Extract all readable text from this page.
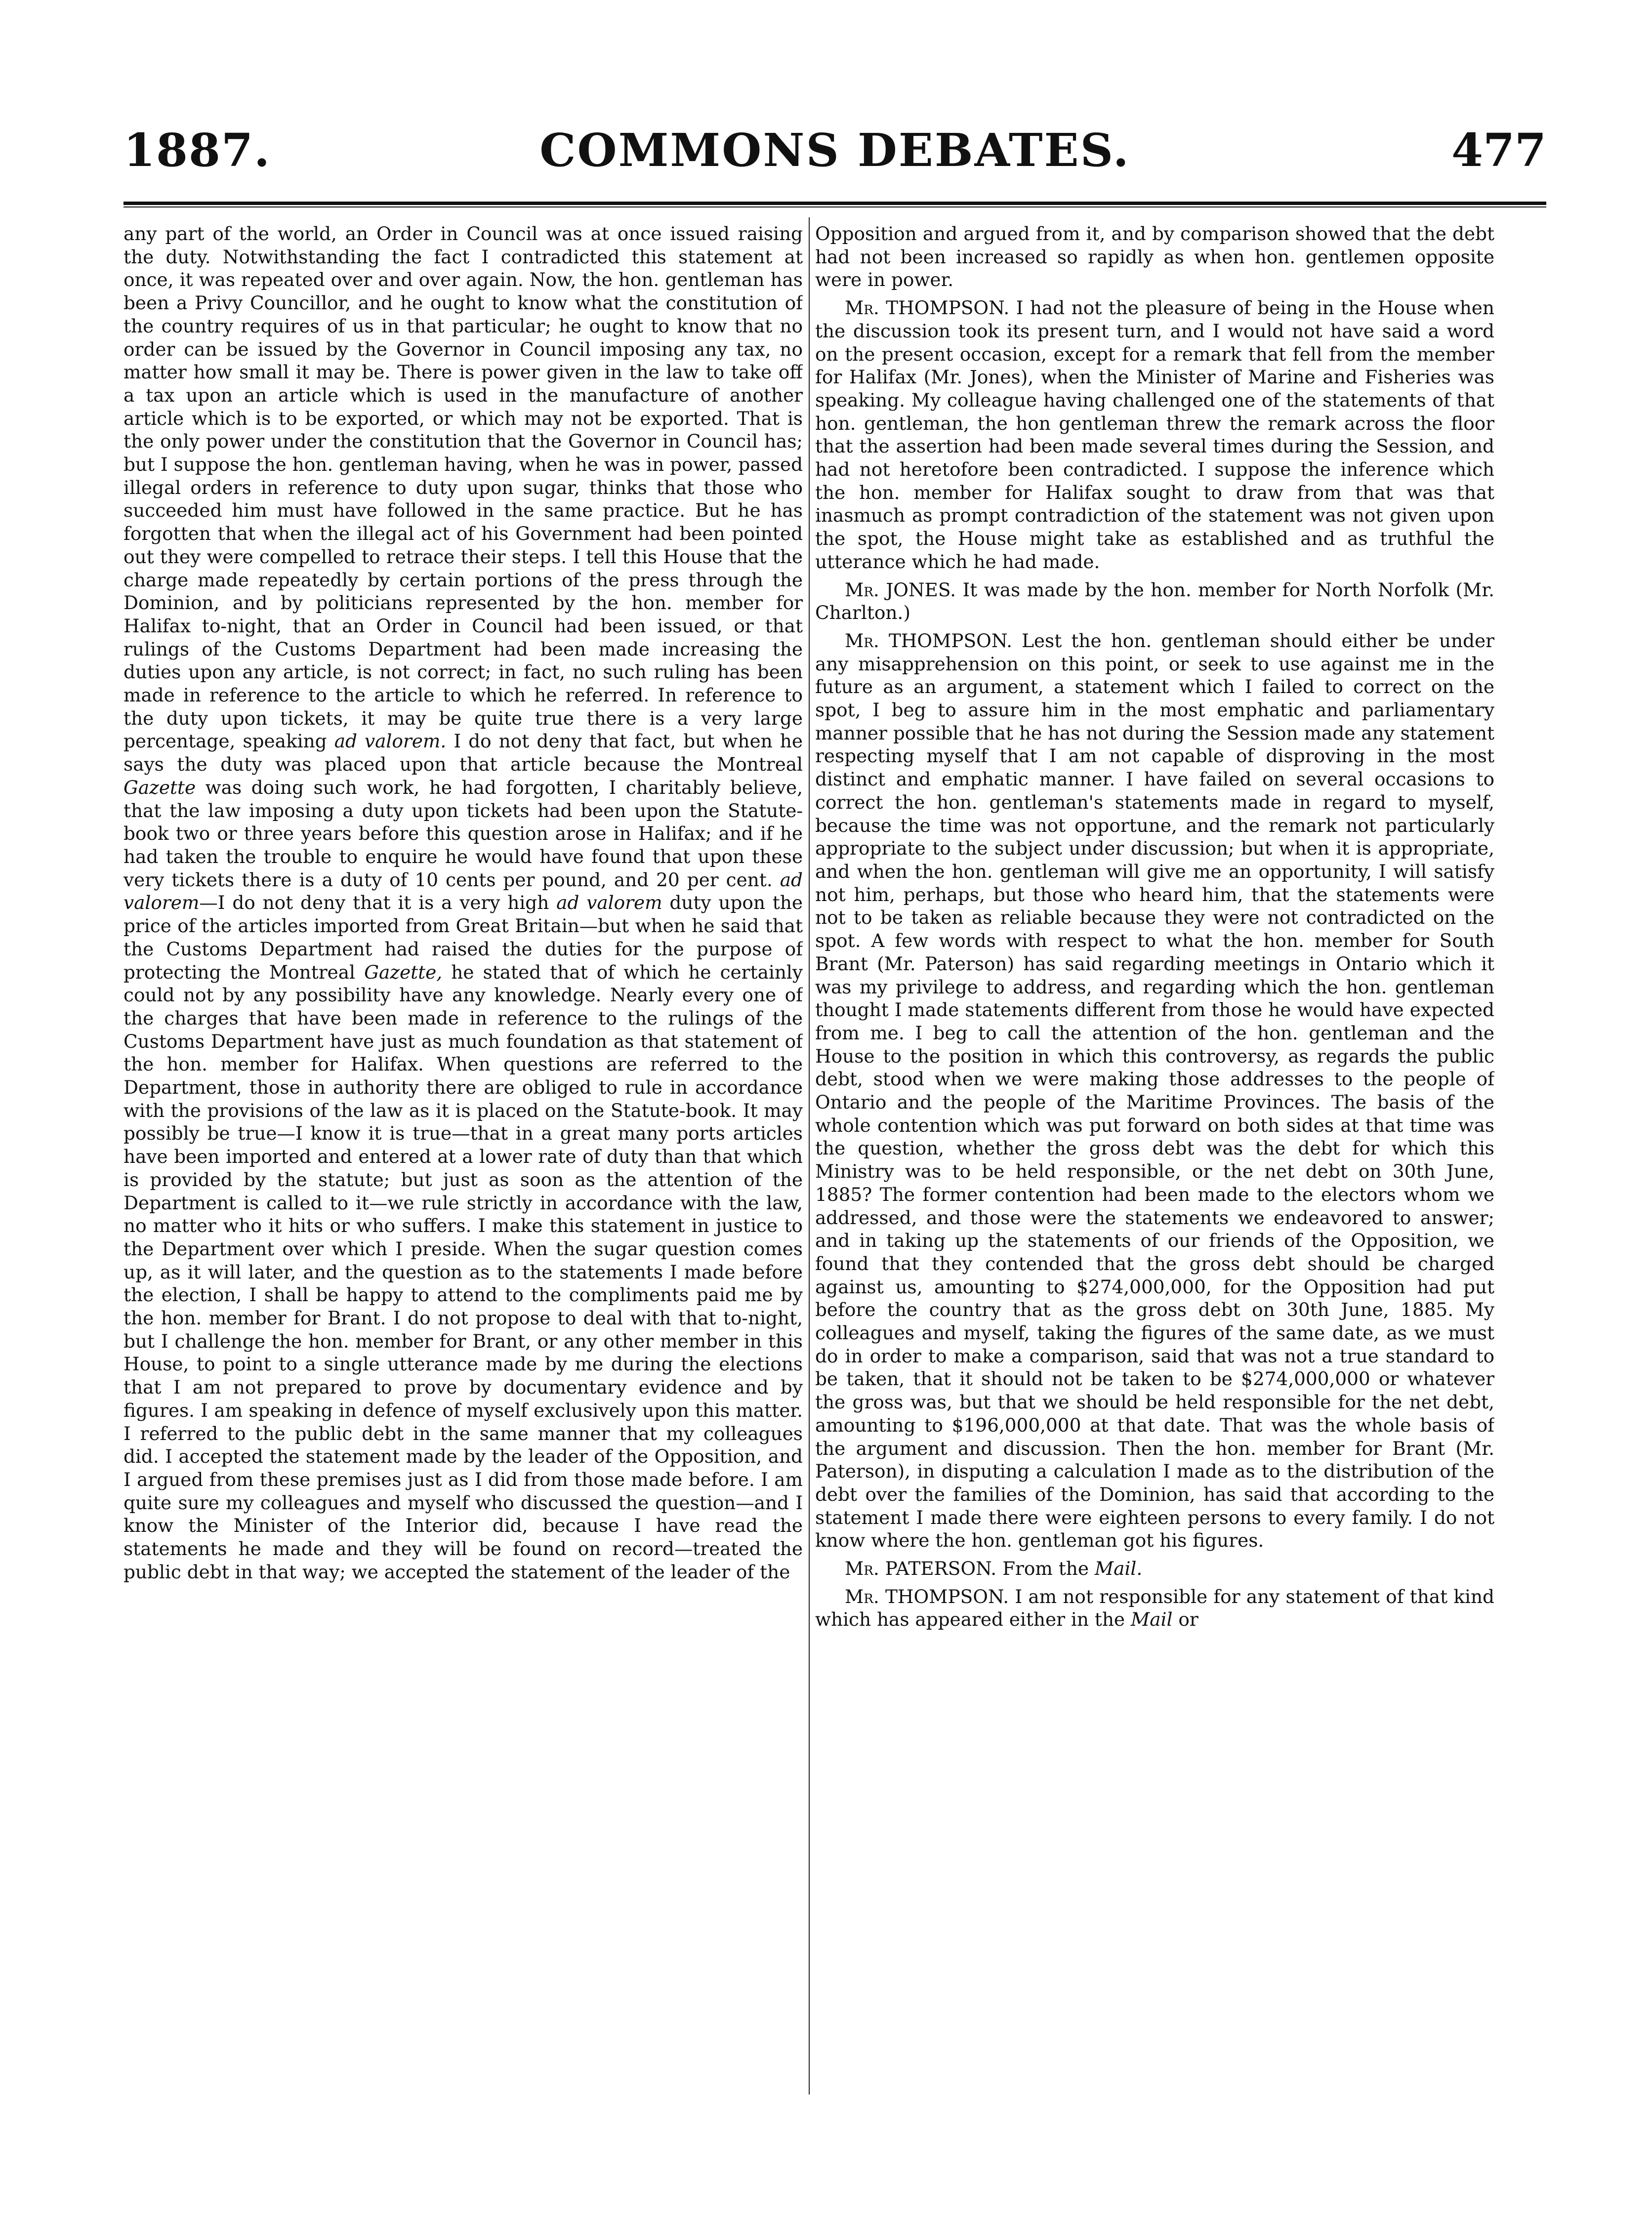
1887.	COMMONS DEBATES.	477

any part of the world, an Order in Council was at once issued raising the duty. Notwithstanding the fact I contradicted this statement at once, it was repeated over and over again. Now, the hon. gentleman has been a Privy Councillor, and he ought to know what the constitution of the country requires of us in that particular; he ought to know that no order can be issued by the Governor in Council imposing any tax, no matter how small it may be. There is power given in the law to take off a tax upon an article which is used in the manufacture of another article which is to be exported, or which may not be exported. That is the only power under the constitution that the Governor in Council has; but I suppose the hon. gentleman having, when he was in power, passed illegal orders in reference to duty upon sugar, thinks that those who succeeded him must have followed in the same practice. But he has forgotten that when the illegal act of his Government had been pointed out they were compelled to retrace their steps. I tell this House that the charge made repeatedly by certain portions of the press through the Dominion, and by politicians represented by the hon. member for Halifax to-night, that an Order in Council had been issued, or that rulings of the Customs Department had been made increasing the duties upon any article, is not correct; in fact, no such ruling has been made in reference to the article to which he referred. In reference to the duty upon tickets, it may be quite true there is a very large percentage, speaking ad valorem. I do not deny that fact, but when he says the duty was placed upon that article because the Montreal Gazette was doing such work, he had forgotten, I charitably believe, that the law imposing a duty upon tickets had been upon the Statute-book two or three years before this question arose in Halifax; and if he had taken the trouble to enquire he would have found that upon these very tickets there is a duty of 10 cents per pound, and 20 per cent. ad valorem—I do not deny that it is a very high ad valorem duty upon the price of the articles imported from Great Britain—but when he said that the Customs Department had raised the duties for the purpose of protecting the Montreal Gazette, he stated that of which he certainly could not by any possibility have any knowledge. Nearly every one of the charges that have been made in reference to the rulings of the Customs Department have just as much foundation as that statement of the hon. member for Halifax. When questions are referred to the Department, those in authority there are obliged to rule in accordance with the provisions of the law as it is placed on the Statute-book. It may possibly be true—I know it is true—that in a great many ports articles have been imported and entered at a lower rate of duty than that which is provided by the statute; but just as soon as the attention of the Department is called to it—we rule strictly in accordance with the law, no matter who it hits or who suffers. I make this statement in justice to the Department over which I preside. When the sugar question comes up, as it will later, and the question as to the statements I made before the election, I shall be happy to attend to the compliments paid me by the hon. member for Brant. I do not propose to deal with that to-night, but I challenge the hon. member for Brant, or any other member in this House, to point to a single utterance made by me during the elections that I am not prepared to prove by documentary evidence and by figures. I am speaking in defence of myself exclusively upon this matter. I referred to the public debt in the same manner that my colleagues did. I accepted the statement made by the leader of the Opposition, and I argued from these premises just as I did from those made before. I am quite sure my colleagues and myself who discussed the question—and I know the Minister of the Interior did, because I have read the statements he made and they will be found on record—treated the public debt in that way; we accepted the statement of the leader of the

Opposition and argued from it, and by comparison showed that the debt had not been increased so rapidly as when hon. gentlemen opposite were in power.

Mr. THOMPSON. I had not the pleasure of being in the House when the discussion took its present turn, and I would not have said a word on the present occasion, except for a remark that fell from the member for Halifax (Mr. Jones), when the Minister of Marine and Fisheries was speaking. My colleague having challenged one of the statements of that hon. gentleman, the hon gentleman threw the remark across the floor that the assertion had been made several times during the Session, and had not heretofore been contradicted. I suppose the inference which the hon. member for Halifax sought to draw from that was that inasmuch as prompt contradiction of the statement was not given upon the spot, the House might take as established and as truthful the utterance which he had made.

Mr. JONES. It was made by the hon. member for North Norfolk (Mr. Charlton.)

Mr. THOMPSON. Lest the hon. gentleman should either be under any misapprehension on this point, or seek to use against me in the future as an argument, a statement which I failed to correct on the spot, I beg to assure him in the most emphatic and parliamentary manner possible that he has not during the Session made any statement respecting myself that I am not capable of disproving in the most distinct and emphatic manner. I have failed on several occasions to correct the hon. gentleman's statements made in regard to myself, because the time was not opportune, and the remark not particularly appropriate to the subject under discussion; but when it is appropriate, and when the hon. gentleman will give me an opportunity, I will satisfy not him, perhaps, but those who heard him, that the statements were not to be taken as reliable because they were not contradicted on the spot. A few words with respect to what the hon. member for South Brant (Mr. Paterson) has said regarding meetings in Ontario which it was my privilege to address, and regarding which the hon. gentleman thought I made statements different from those he would have expected from me. I beg to call the attention of the hon. gentleman and the House to the position in which this controversy, as regards the public debt, stood when we were making those addresses to the people of Ontario and the people of the Maritime Provinces. The basis of the whole contention which was put forward on both sides at that time was the question, whether the gross debt was the debt for which this Ministry was to be held responsible, or the net debt on 30th June, 1885? The former contention had been made to the electors whom we addressed, and those were the statements we endeavored to answer; and in taking up the statements of our friends of the Opposition, we found that they contended that the gross debt should be charged against us, amounting to $274,000,000, for the Opposition had put before the country that as the gross debt on 30th June, 1885. My colleagues and myself, taking the figures of the same date, as we must do in order to make a comparison, said that was not a true standard to be taken, that it should not be taken to be $274,000,000 or whatever the gross was, but that we should be held responsible for the net debt, amounting to $196,000,000 at that date. That was the whole basis of the argument and discussion. Then the hon. member for Brant (Mr. Paterson), in disputing a calculation I made as to the distribution of the debt over the families of the Dominion, has said that according to the statement I made there were eighteen persons to every family. I do not know where the hon. gentleman got his figures.

Mr. PATERSON. From the Mail.

Mr. THOMPSON. I am not responsible for any statement of that kind which has appeared either in the Mail or
